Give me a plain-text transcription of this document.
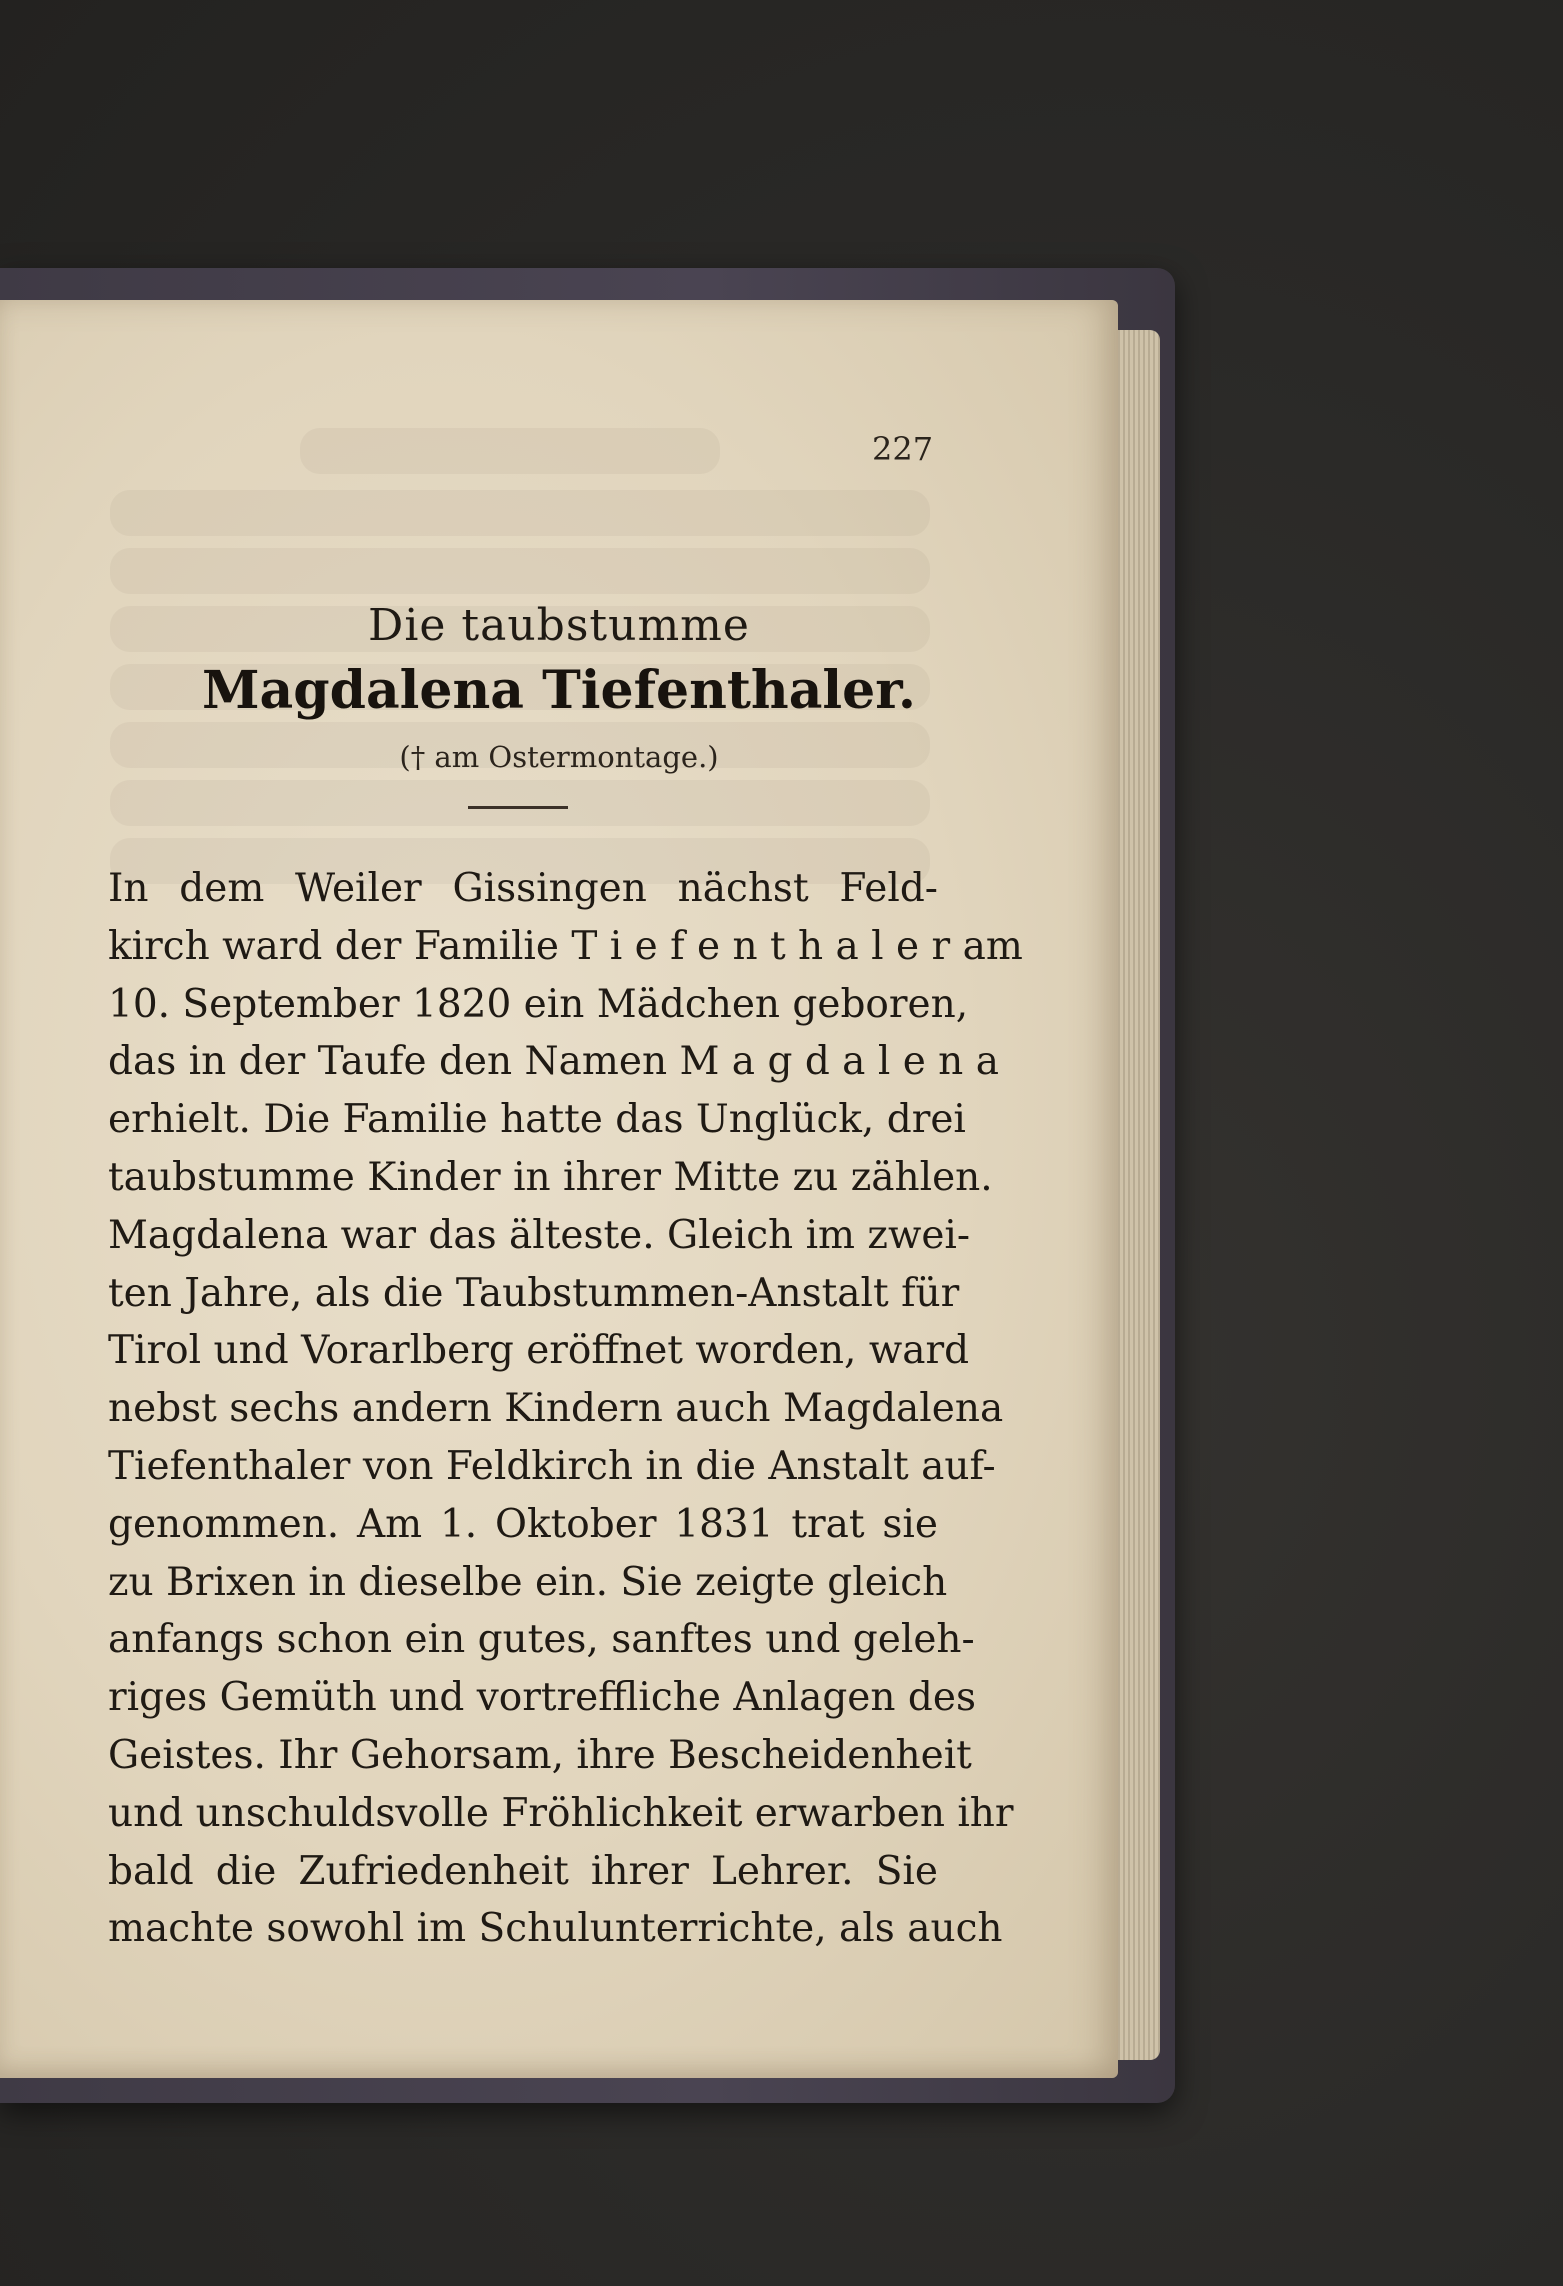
227
Die taubstumme
Magdalena Tiefenthaler.
(† am Ostermontage.)
In dem Weiler Gissingen nächst Feld-
kirch ward der Familie T i e f e n t h a l e r am
10. September 1820 ein Mädchen geboren,
das in der Taufe den Namen M a g d a l e n a
erhielt. Die Familie hatte das Unglück, drei
taubstumme Kinder in ihrer Mitte zu zählen.
Magdalena war das älteste. Gleich im zwei-
ten Jahre, als die Taubstummen-Anstalt für
Tirol und Vorarlberg eröffnet worden, ward
nebst sechs andern Kindern auch Magdalena
Tiefenthaler von Feldkirch in die Anstalt auf-
genommen. Am 1. Oktober 1831 trat sie
zu Brixen in dieselbe ein. Sie zeigte gleich
anfangs schon ein gutes, sanftes und geleh-
riges Gemüth und vortreffliche Anlagen des
Geistes. Ihr Gehorsam, ihre Bescheidenheit
und unschuldsvolle Fröhlichkeit erwarben ihr
bald die Zufriedenheit ihrer Lehrer. Sie
machte sowohl im Schulunterrichte, als auch
